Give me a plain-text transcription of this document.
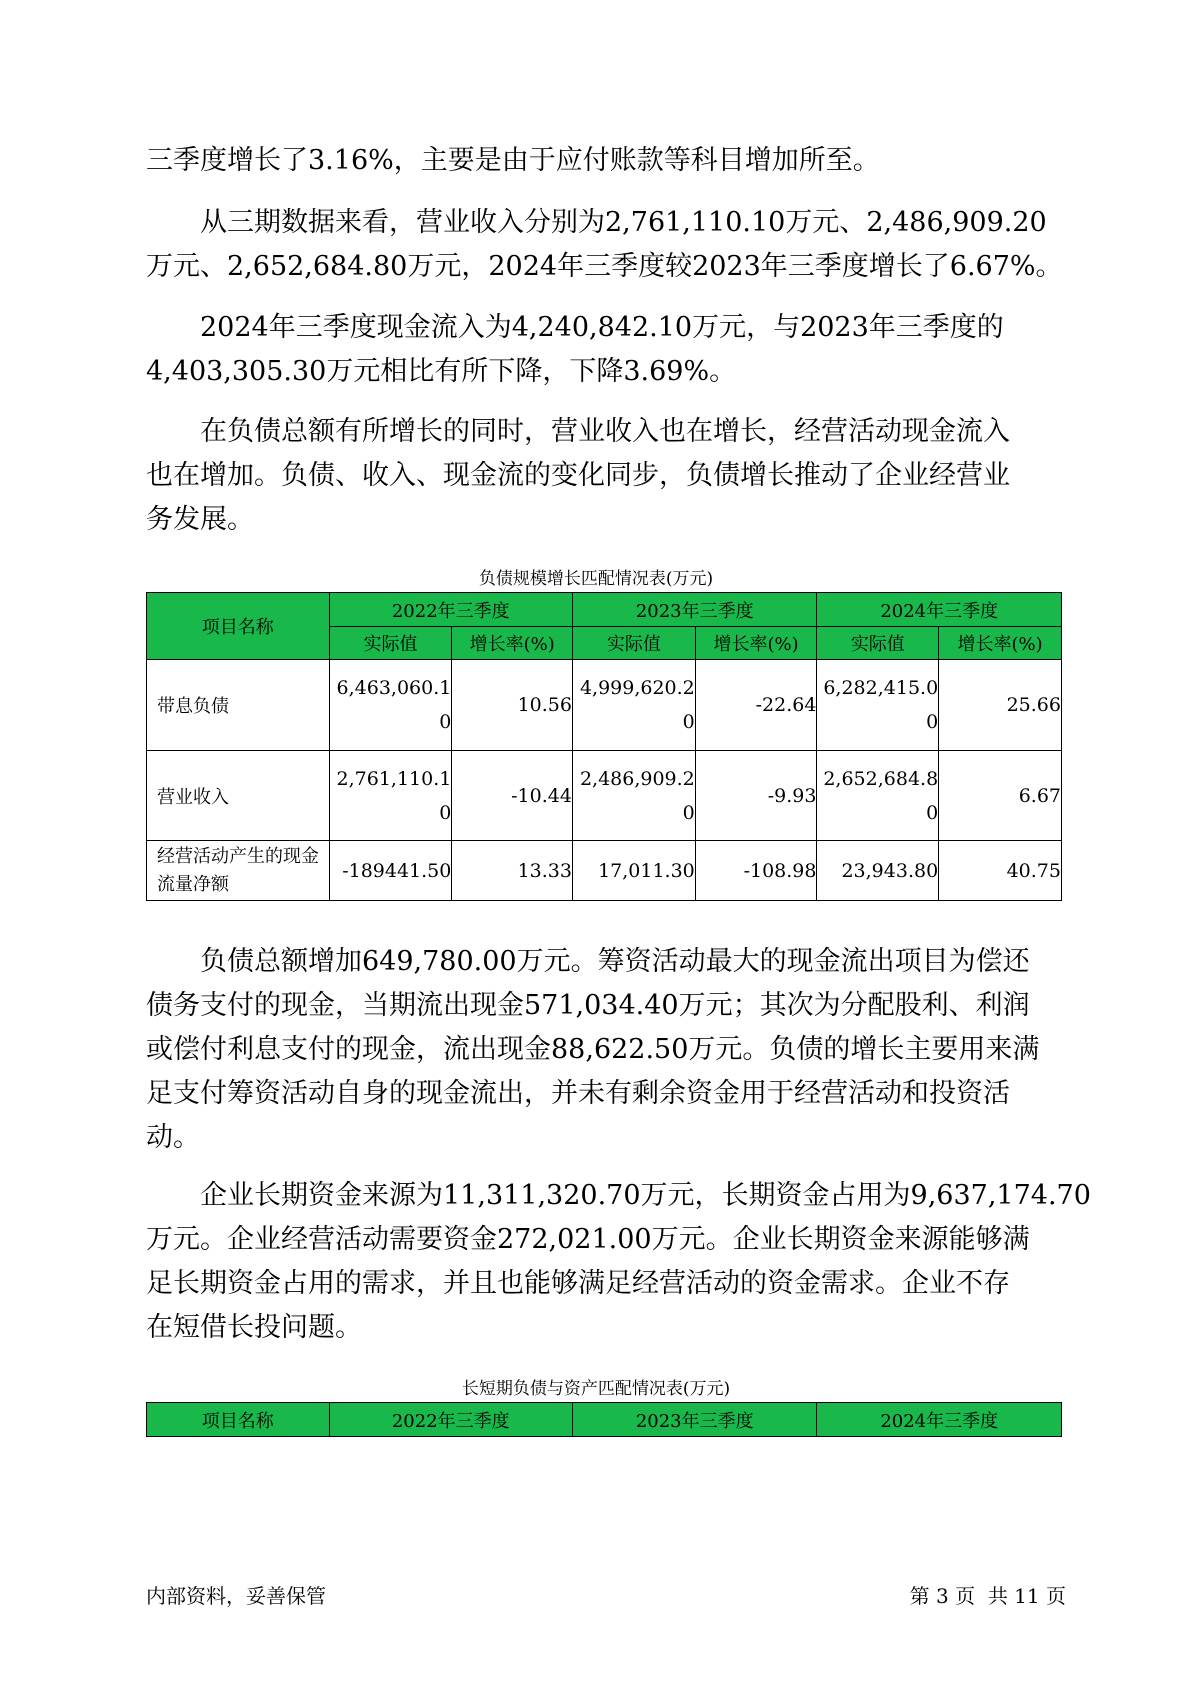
三季度增长了3.16%，主要是由于应付账款等科目增加所至。

从三期数据来看，营业收入分别为2,761,110.10万元、2,486,909.20
万元、2,652,684.80万元，2024年三季度较2023年三季度增长了6.67%。

2024年三季度现金流入为4,240,842.10万元，与2023年三季度的
4,403,305.30万元相比有所下降，下降3.69%。

在负债总额有所增长的同时，营业收入也在增长，经营活动现金流入
也在增加。负债、收入、现金流的变化同步，负债增长推动了企业经营业
务发展。

负债规模增长匹配情况表(万元)
项目名称	2022年三季度		2023年三季度		2024年三季度	
	实际值	增长率(%)	实际值	增长率(%)	实际值	增长率(%)
带息负债	6,463,060.10	10.56	4,999,620.20	-22.64	6,282,415.00	25.66
营业收入	2,761,110.10	-10.44	2,486,909.20	-9.93	2,652,684.80	6.67
经营活动产生的现金流量净额	-189441.50	13.33	17,011.30	-108.98	23,943.80	40.75

负债总额增加649,780.00万元。筹资活动最大的现金流出项目为偿还
债务支付的现金，当期流出现金571,034.40万元；其次为分配股利、利润
或偿付利息支付的现金，流出现金88,622.50万元。负债的增长主要用来满
足支付筹资活动自身的现金流出，并未有剩余资金用于经营活动和投资活
动。

企业长期资金来源为11,311,320.70万元，长期资金占用为9,637,174.70
万元。企业经营活动需要资金272,021.00万元。企业长期资金来源能够满
足长期资金占用的需求，并且也能够满足经营活动的资金需求。企业不存
在短借长投问题。

长短期负债与资产匹配情况表(万元)
项目名称	2022年三季度	2023年三季度	2024年三季度
内部资料，妥善保管	第 3 页  共 11 页
